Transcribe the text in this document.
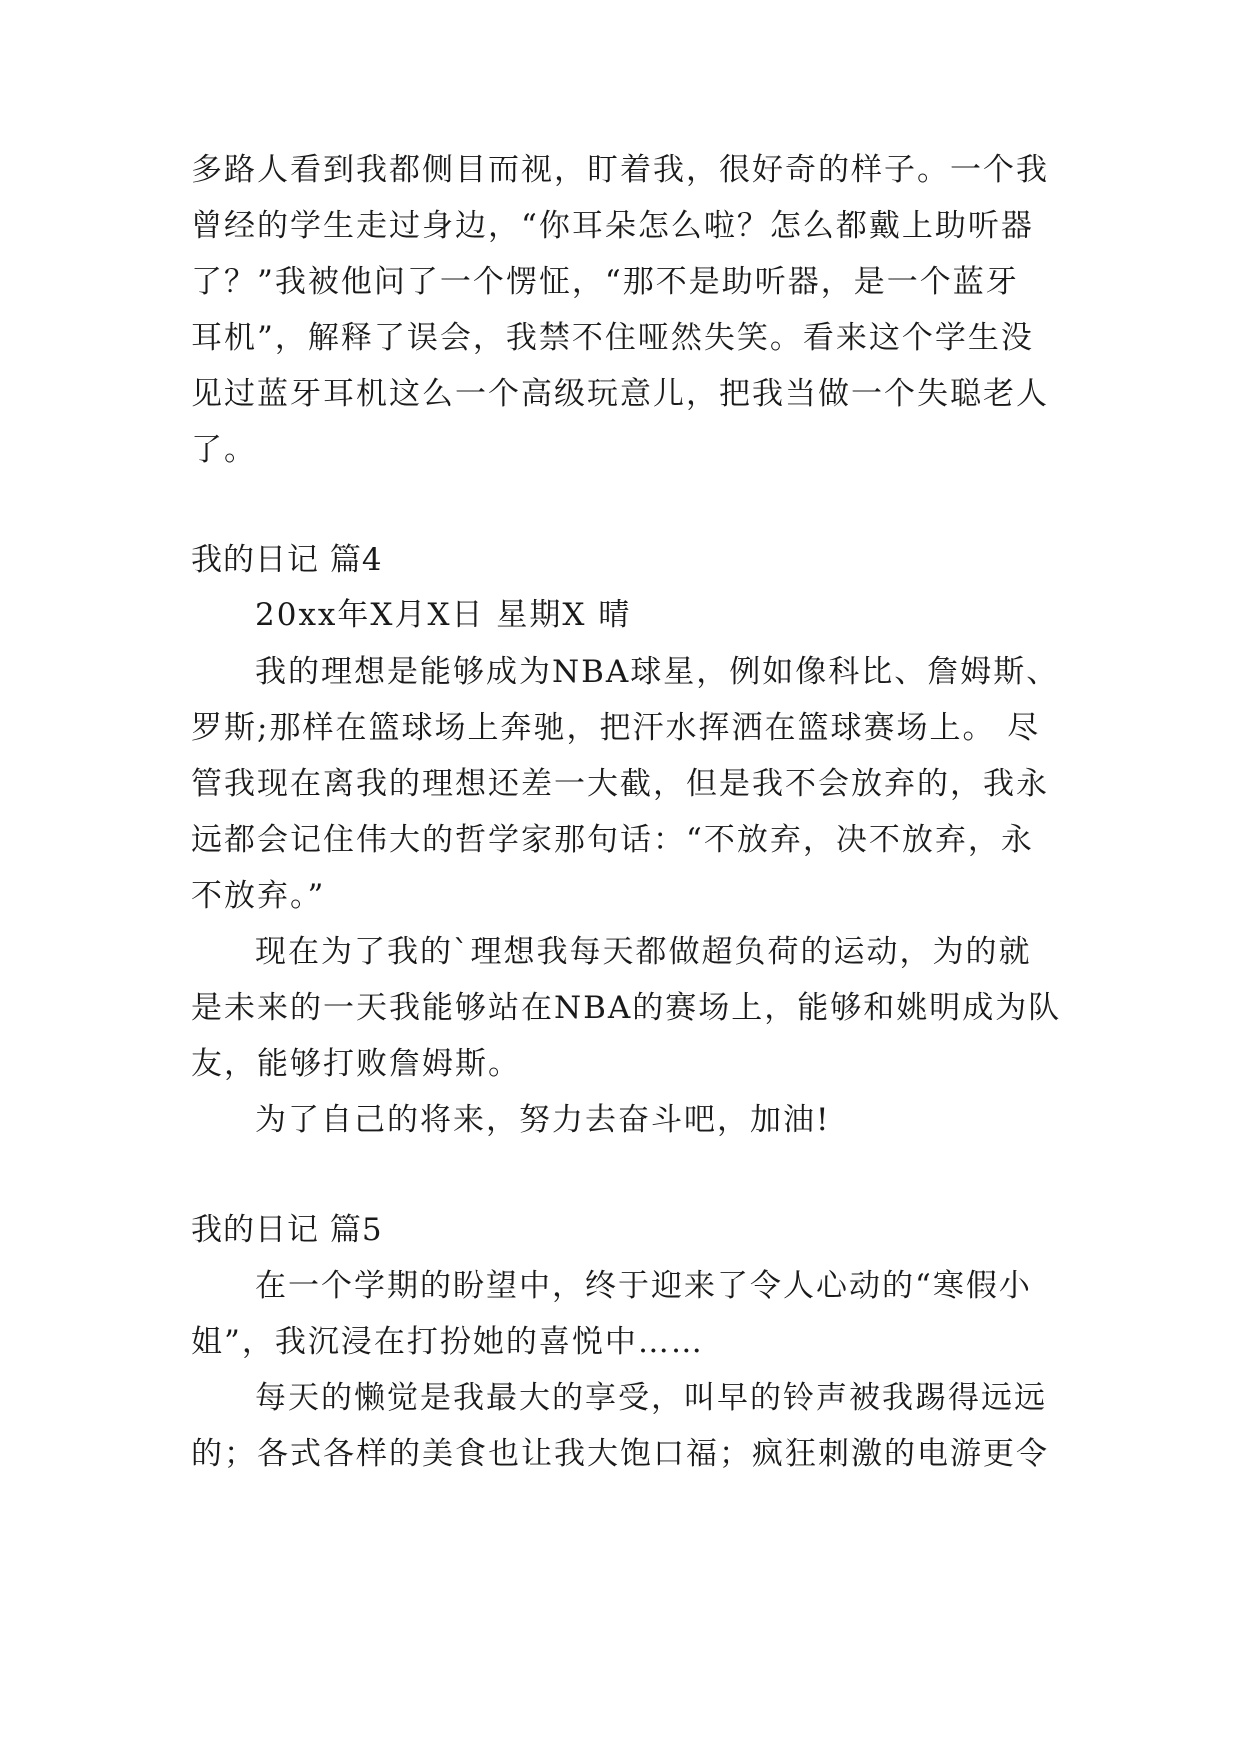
多路人看到我都侧目而视，盯着我，很好奇的样子。一个我
曾经的学生走过身边，“你耳朵怎么啦？怎么都戴上助听器
了？”我被他问了一个愣怔，“那不是助听器，是一个蓝牙
耳机”，解释了误会，我禁不住哑然失笑。看来这个学生没
见过蓝牙耳机这么一个高级玩意儿，把我当做一个失聪老人
了。
我的日记 篇4
20xx年X月X日 星期X 晴
我的理想是能够成为NBA球星，例如像科比、詹姆斯、
罗斯;那样在篮球场上奔驰，把汗水挥洒在篮球赛场上。 尽
管我现在离我的理想还差一大截，但是我不会放弃的，我永
远都会记住伟大的哲学家那句话：“不放弃，决不放弃，永
不放弃。”
现在为了我的`理想我每天都做超负荷的运动，为的就
是未来的一天我能够站在NBA的赛场上，能够和姚明成为队
友，能够打败詹姆斯。
为了自己的将来，努力去奋斗吧，加油!
我的日记 篇5
在一个学期的盼望中，终于迎来了令人心动的“寒假小
姐”，我沉浸在打扮她的喜悦中……
每天的懒觉是我最大的享受，叫早的铃声被我踢得远远
的；各式各样的美食也让我大饱口福；疯狂刺激的电游更令
